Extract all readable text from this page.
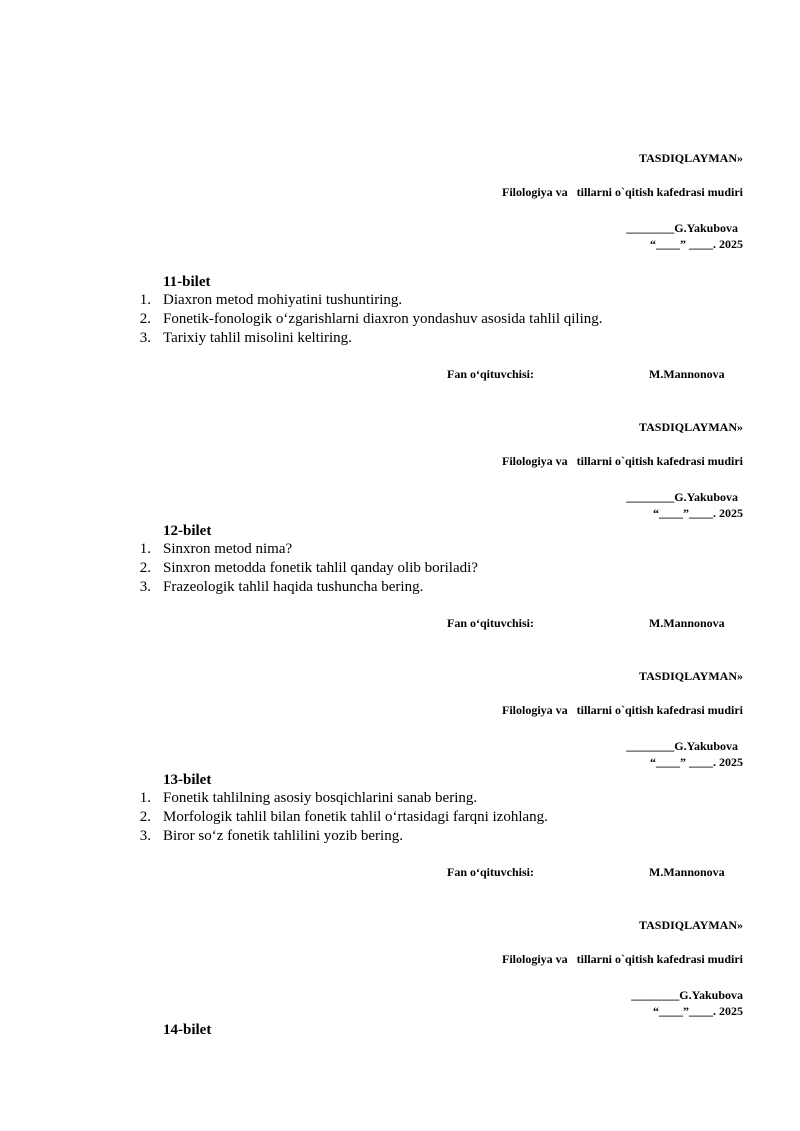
TASDIQLAYMAN»
Filologiya va   tillarni o`qitish kafedrasi mudiri
________G.Yakubova
“____” ____. 2025
11-bilet
1. Diaxron metod mohiyatini tushuntiring.
2. Fonetik-fonologik o‘zgarishlarni diaxron yondashuv asosida tahlil qiling.
3. Tarixiy tahlil misolini keltiring.
Fan o‘qituvchisi:	M.Mannonova
TASDIQLAYMAN»
Filologiya va   tillarni o`qitish kafedrasi mudiri
________G.Yakubova
“____”____. 2025
12-bilet
1. Sinxron metod nima?
2. Sinxron metodda fonetik tahlil qanday olib boriladi?
3. Frazeologik tahlil haqida tushuncha bering.
Fan o‘qituvchisi:	M.Mannonova
TASDIQLAYMAN»
Filologiya va   tillarni o`qitish kafedrasi mudiri
________G.Yakubova
“____” ____. 2025
13-bilet
1. Fonetik tahlilning asosiy bosqichlarini sanab bering.
2. Morfologik tahlil bilan fonetik tahlil o‘rtasidagi farqni izohlang.
3. Biror so‘z fonetik tahlilini yozib bering.
Fan o‘qituvchisi:	M.Mannonova
TASDIQLAYMAN»
Filologiya va   tillarni o`qitish kafedrasi mudiri
________G.Yakubova
“____”____. 2025
14-bilet
